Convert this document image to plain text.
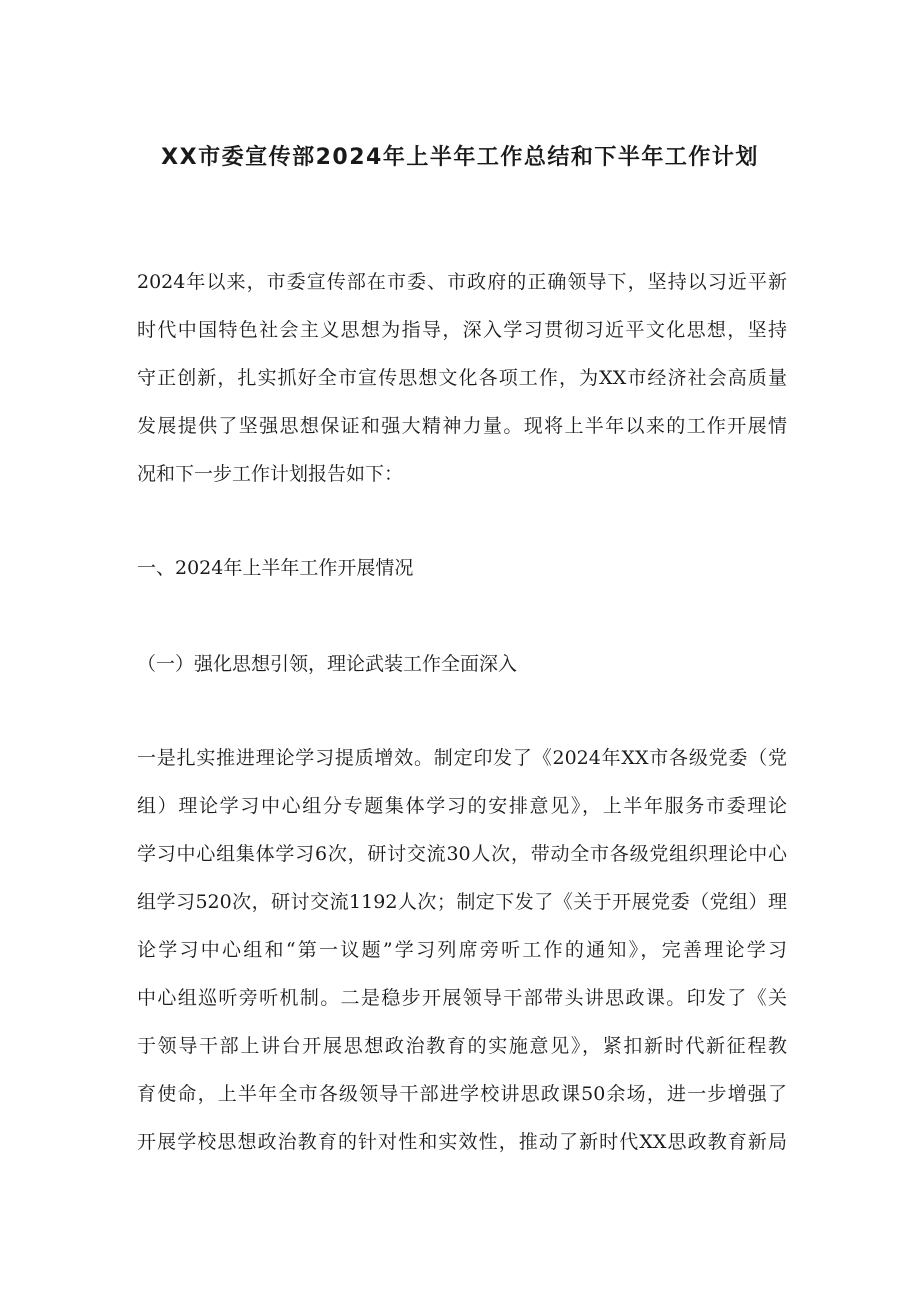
XX市委宣传部2024年上半年工作总结和下半年工作计划

2024年以来，市委宣传部在市委、市政府的正确领导下，坚持以习近平新

时代中国特色社会主义思想为指导，深入学习贯彻习近平文化思想，坚持

守正创新，扎实抓好全市宣传思想文化各项工作，为XX市经济社会高质量

发展提供了坚强思想保证和强大精神力量。现将上半年以来的工作开展情

况和下一步工作计划报告如下：

一、2024年上半年工作开展情况

（一）强化思想引领，理论武装工作全面深入

一是扎实推进理论学习提质增效。制定印发了《2024年XX市各级党委（党

组）理论学习中心组分专题集体学习的安排意见》，上半年服务市委理论

学习中心组集体学习6次，研讨交流30人次，带动全市各级党组织理论中心

组学习520次，研讨交流1192人次；制定下发了《关于开展党委（党组）理

论学习中心组和“第一议题”学习列席旁听工作的通知》，完善理论学习

中心组巡听旁听机制。二是稳步开展领导干部带头讲思政课。印发了《关

于领导干部上讲台开展思想政治教育的实施意见》，紧扣新时代新征程教

育使命，上半年全市各级领导干部进学校讲思政课50余场，进一步增强了

开展学校思想政治教育的针对性和实效性，推动了新时代XX思政教育新局
